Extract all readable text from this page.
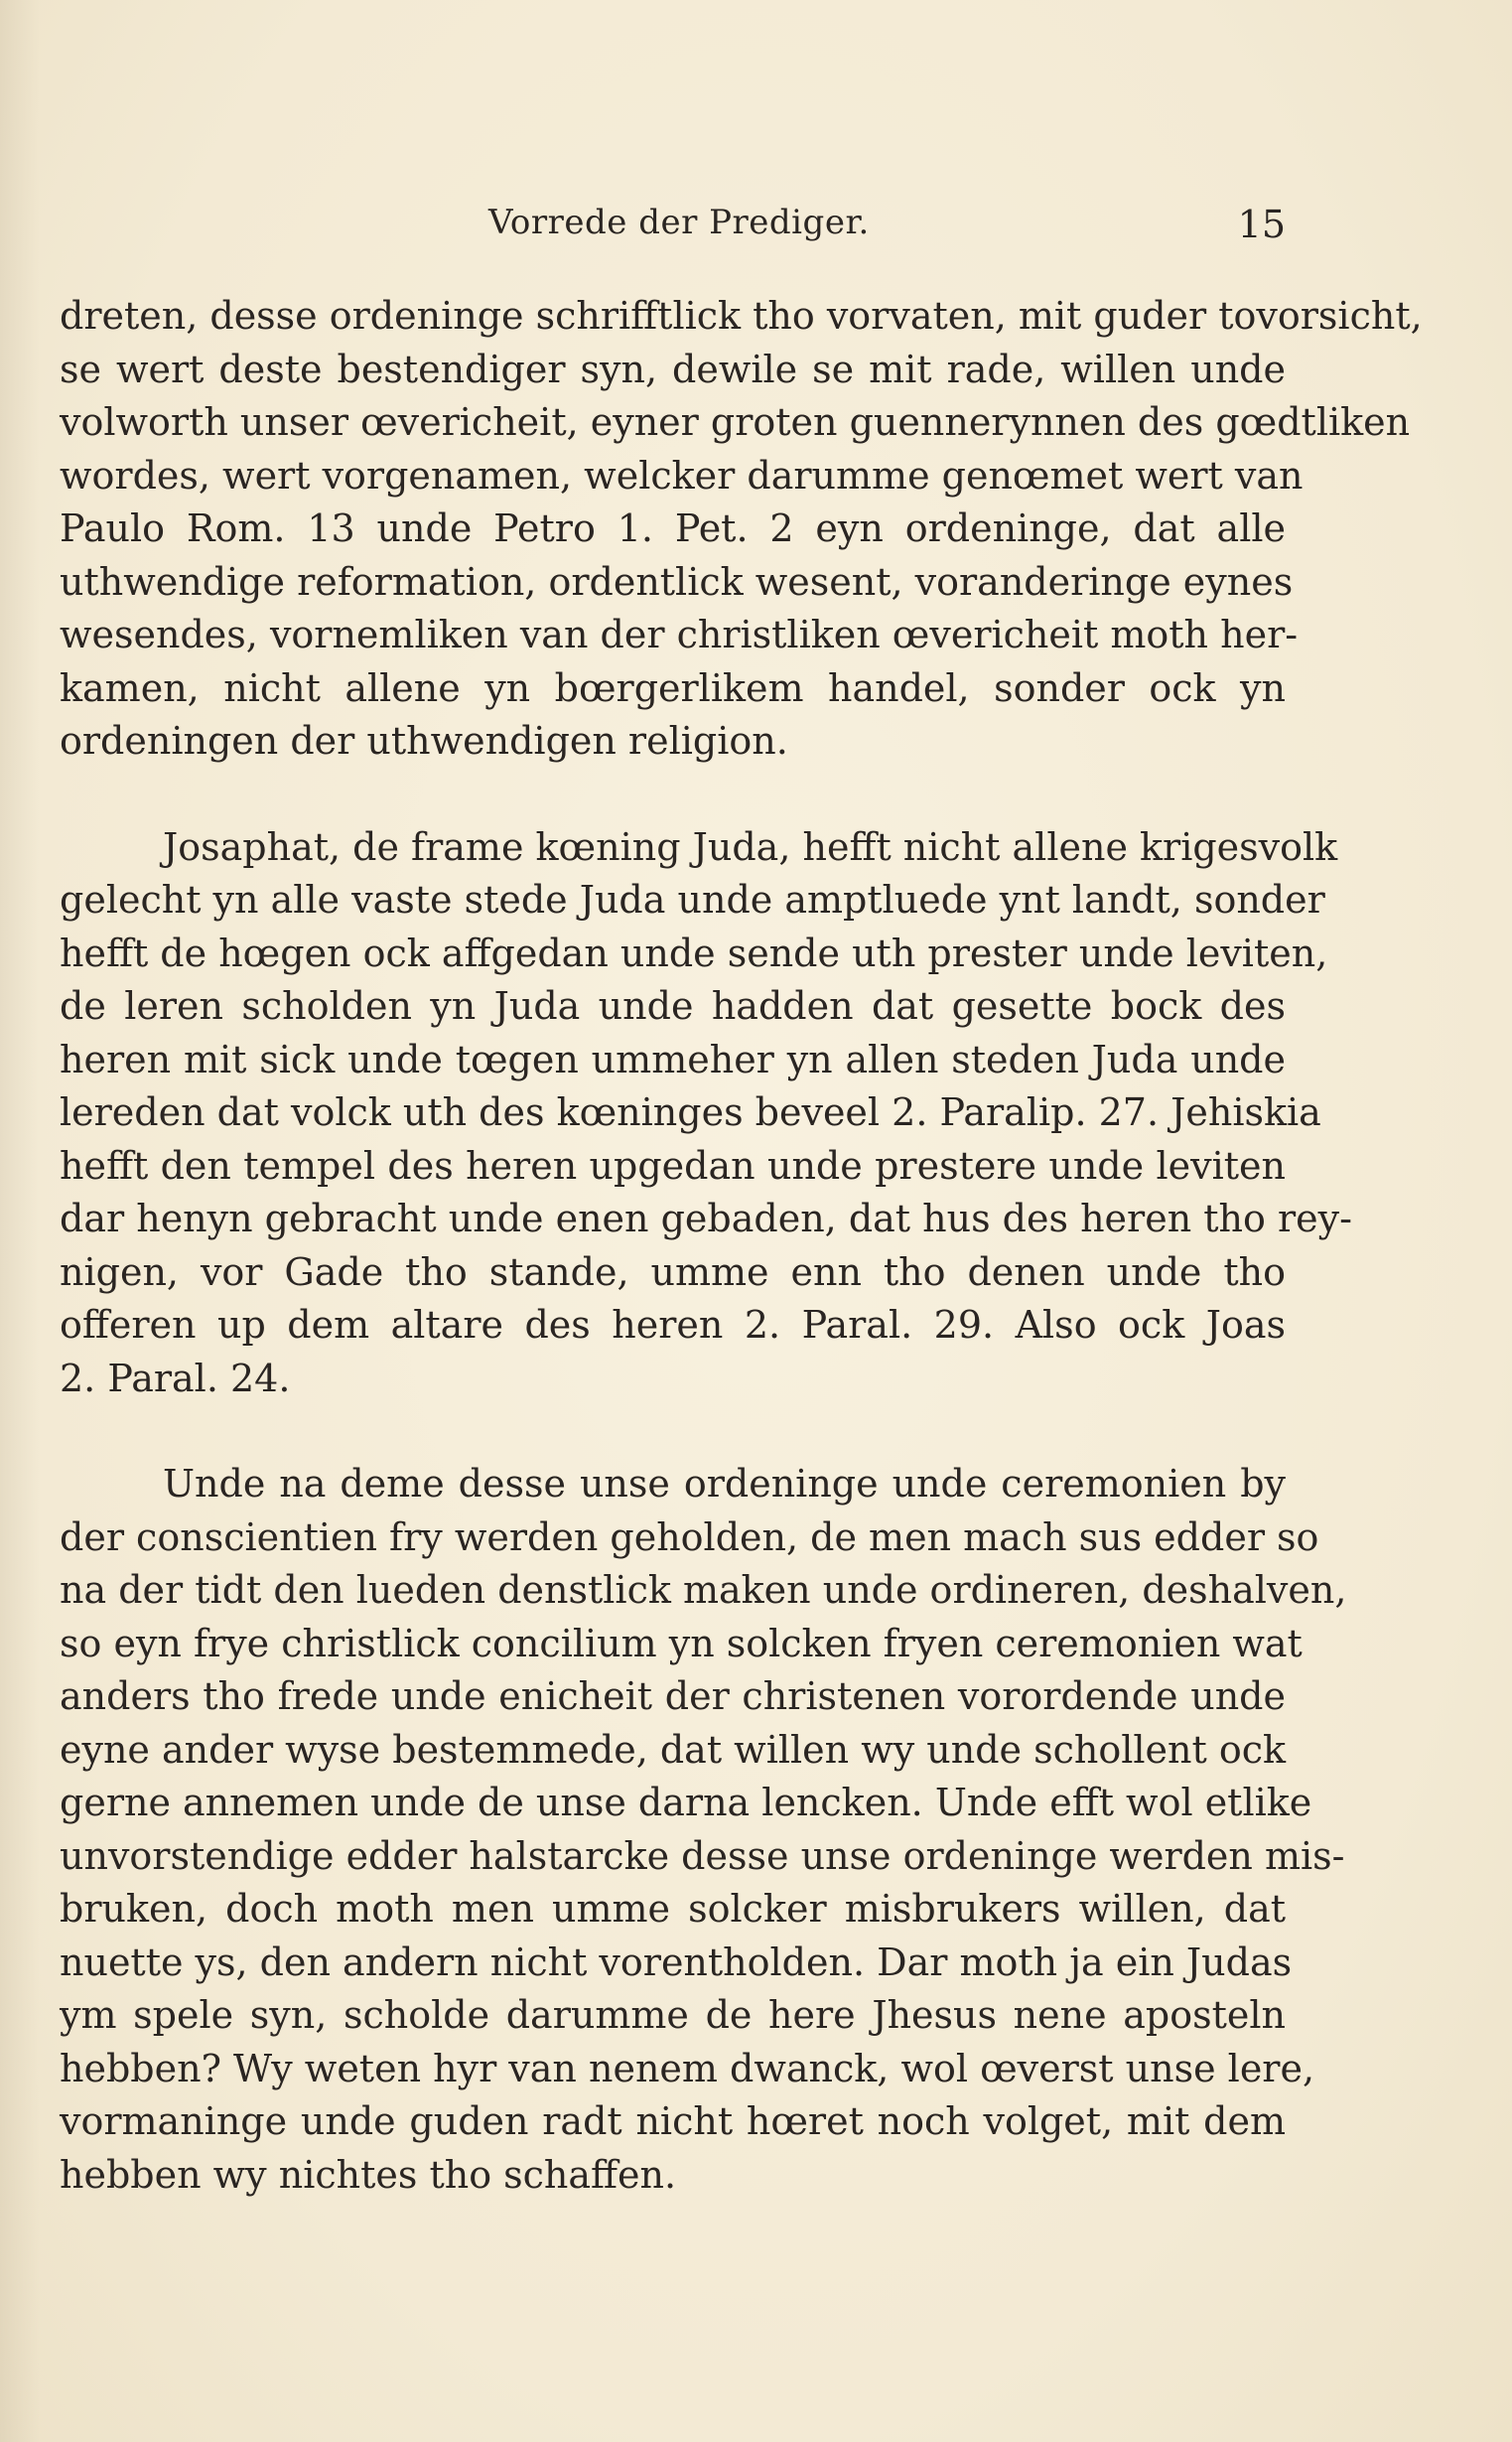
Vorrede der Prediger.	15
dreten, desse ordeninge schrifftlick tho vorvaten, mit guder tovorsicht,
se wert deste bestendiger syn, dewile se mit rade, willen unde
volworth unser œvericheit, eyner groten guennerynnen des gœdtliken
wordes, wert vorgenamen, welcker darumme genœmet wert van
Paulo Rom. 13 unde Petro 1. Pet. 2 eyn ordeninge, dat alle
uthwendige reformation, ordentlick wesent, voranderinge eynes
wesendes, vornemliken van der christliken œvericheit moth her-
kamen, nicht allene yn bœrgerlikem handel, sonder ock yn
ordeningen der uthwendigen religion.
Josaphat, de frame kœning Juda, hefft nicht allene krigesvolk
gelecht yn alle vaste stede Juda unde amptluede ynt landt, sonder
hefft de hœgen ock affgedan unde sende uth prester unde leviten,
de leren scholden yn Juda unde hadden dat gesette bock des
heren mit sick unde tœgen ummeher yn allen steden Juda unde
lereden dat volck uth des kœninges beveel 2. Paralip. 27. Jehiskia
hefft den tempel des heren upgedan unde prestere unde leviten
dar henyn gebracht unde enen gebaden, dat hus des heren tho rey-
nigen, vor Gade tho stande, umme enn tho denen unde tho
offeren up dem altare des heren 2. Paral. 29. Also ock Joas
2. Paral. 24.
Unde na deme desse unse ordeninge unde ceremonien by
der conscientien fry werden geholden, de men mach sus edder so
na der tidt den lueden denstlick maken unde ordineren, deshalven,
so eyn frye christlick concilium yn solcken fryen ceremonien wat
anders tho frede unde enicheit der christenen vorordende unde
eyne ander wyse bestemmede, dat willen wy unde schollent ock
gerne annemen unde de unse darna lencken. Unde efft wol etlike
unvorstendige edder halstarcke desse unse ordeninge werden mis-
bruken, doch moth men umme solcker misbrukers willen, dat
nuette ys, den andern nicht vorentholden. Dar moth ja ein Judas
ym spele syn, scholde darumme de here Jhesus nene aposteln
hebben? Wy weten hyr van nenem dwanck, wol œverst unse lere,
vormaninge unde guden radt nicht hœret noch volget, mit dem
hebben wy nichtes tho schaffen.
